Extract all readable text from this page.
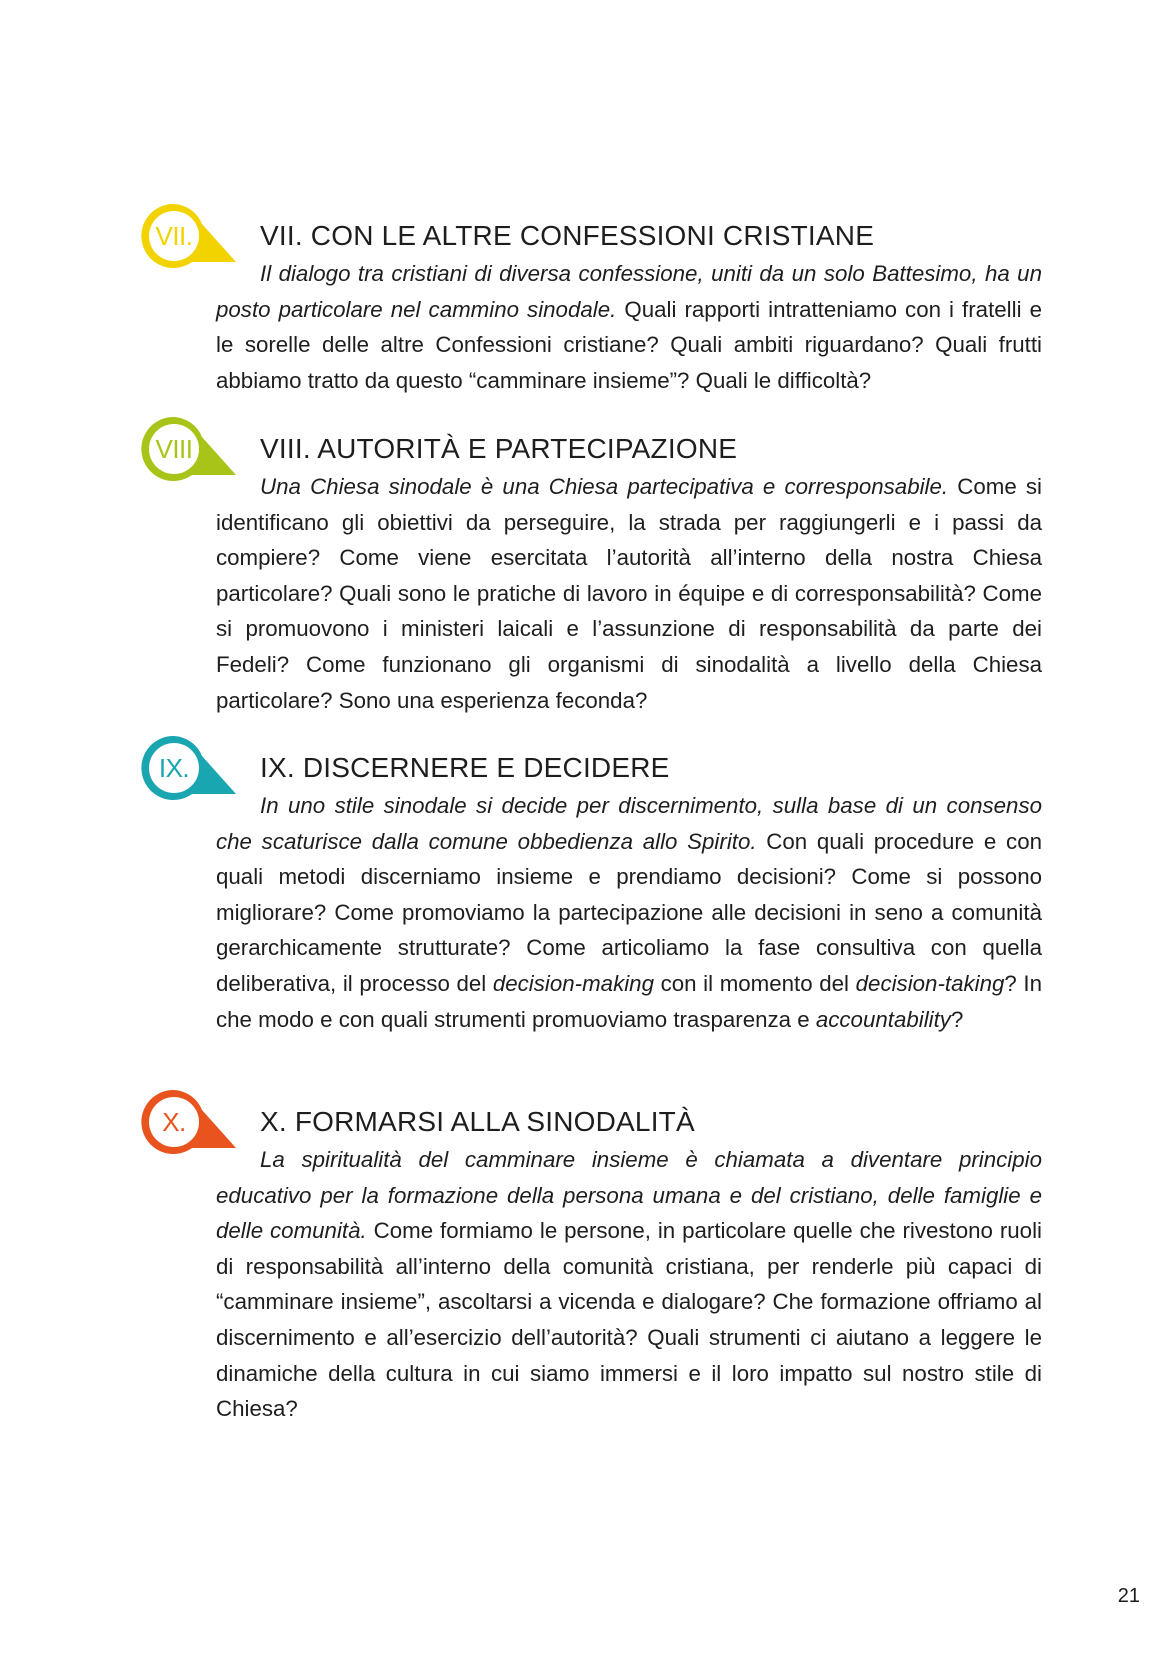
VII.	VII. CON LE ALTRE CONFESSIONI CRISTIANE

Il dialogo tra cristiani di diversa confessione, uniti da un solo Battesimo, ha un posto particolare nel cammino sinodale. Quali rapporti intratteniamo con i fratelli e le sorelle delle altre Confessioni cristiane? Quali ambiti riguardano? Quali frutti abbiamo tratto da questo “camminare insieme”? Quali le difficoltà?

VIII	VIII. AUTORITÀ E PARTECIPAZIONE

Una Chiesa sinodale è una Chiesa partecipativa e corresponsabile. Come si identificano gli obiettivi da perseguire, la strada per raggiungerli e i passi da compiere? Come viene esercitata l’autorità all’interno della nostra Chiesa particolare? Quali sono le pratiche di lavoro in équipe e di corresponsabilità? Come si promuovono i ministeri laicali e l’assunzione di responsabilità da parte dei Fedeli? Come funzionano gli organismi di sinodalità a livello della Chiesa particolare? Sono una esperienza feconda?

IX.	IX. DISCERNERE E DECIDERE

In uno stile sinodale si decide per discernimento, sulla base di un consenso che scaturisce dalla comune obbedienza allo Spirito. Con quali procedure e con quali metodi discerniamo insieme e prendiamo decisioni? Come si possono migliorare? Come promoviamo la partecipazione alle decisioni in seno a comunità gerarchicamente strutturate? Come articoliamo la fase consultiva con quella deliberativa, il processo del decision-making con il momento del decision-taking? In che modo e con quali strumenti promuoviamo trasparenza e accountability?

X.	X. FORMARSI ALLA SINODALITÀ

La spiritualità del camminare insieme è chiamata a diventare principio educativo per la formazione della persona umana e del cristiano, delle famiglie e delle comunità. Come formiamo le persone, in particolare quelle che rivestono ruoli di responsabilità all’interno della comunità cristiana, per renderle più capaci di “camminare insieme”, ascoltarsi a vicenda e dialogare? Che formazione offriamo al discernimento e all’esercizio dell’autorità? Quali strumenti ci aiutano a leggere le dinamiche della cultura in cui siamo immersi e il loro impatto sul nostro stile di Chiesa?

21
